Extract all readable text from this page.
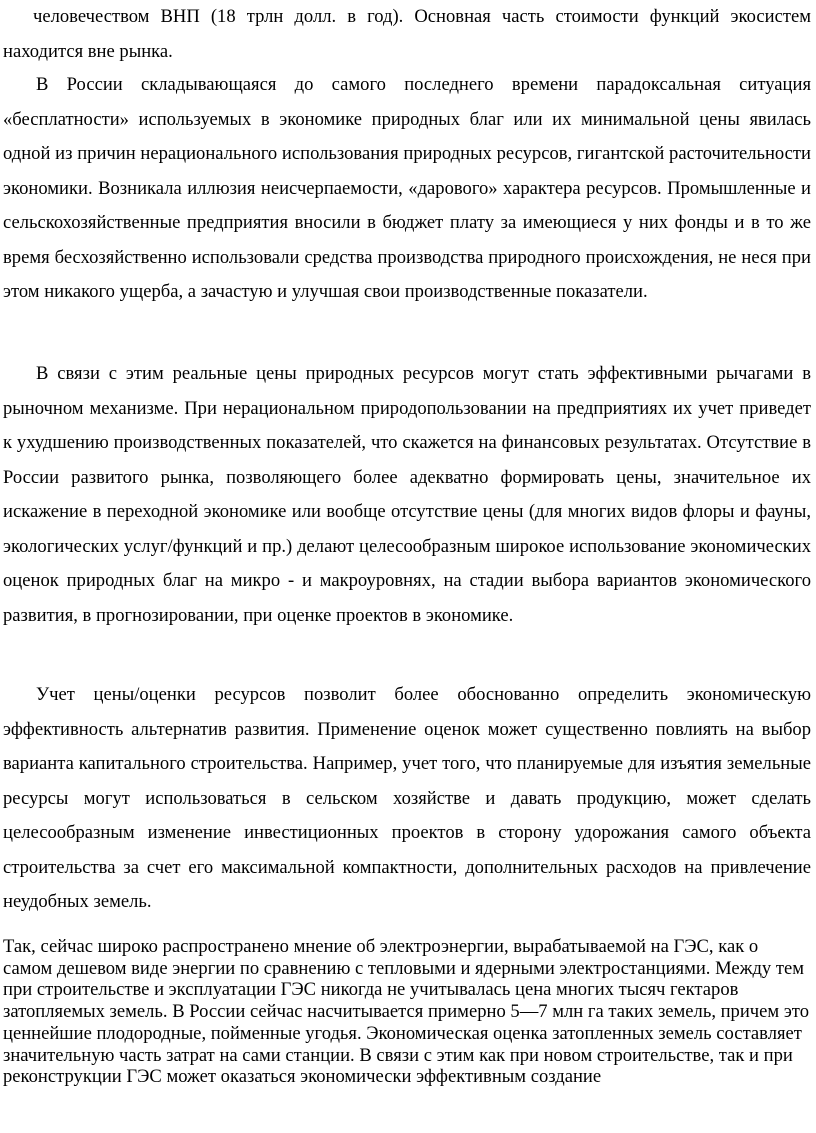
человечеством ВНП (18 трлн долл. в год). Основная часть стоимости функций экосистем находится вне рынка.

В России складывающаяся до самого последнего времени парадоксальная ситуация «бесплатности» используемых в экономике природных благ или их минимальной цены явилась одной из причин нерационального использования природных ресурсов, гигантской расточительности экономики. Возникала иллюзия неисчерпаемости, «дарового» характера ресурсов. Промышленные и сельскохозяйственные предприятия вносили в бюджет плату за имеющиеся у них фонды и в то же время бесхозяйственно использовали средства производства природного происхождения, не неся при этом никакого ущерба, а зачастую и улучшая свои производственные показатели.

В связи с этим реальные цены природных ресурсов могут стать эффективными рычагами в рыночном механизме. При нерациональном природопользовании на предприятиях их учет приведет к ухудшению производственных показателей, что скажется на финансовых результатах. Отсутствие в России развитого рынка, позволяющего более адекватно формировать цены, значительное их искажение в переходной экономике или вообще отсутствие цены (для многих видов флоры и фауны, экологических услуг/функций и пр.) делают целесообразным широкое использование экономических оценок природных благ на микро - и макроуровнях, на стадии выбора вариантов экономического развития, в прогнозировании, при оценке проектов в экономике.

Учет цены/оценки ресурсов позволит более обоснованно определить экономическую эффективность альтернатив развития. Применение оценок может существенно повлиять на выбор варианта капитального строительства. Например, учет того, что планируемые для изъятия земельные ресурсы могут использоваться в сельском хозяйстве и давать продукцию, может сделать целесообразным изменение инвестиционных проектов в сторону удорожания самого объекта строительства за счет его максимальной компактности, дополнительных расходов на привлечение неудобных земель.

Так, сейчас широко распространено мнение об электроэнергии, вырабатываемой на ГЭС, как о самом дешевом виде энергии по сравнению с тепловыми и ядерными электростанциями. Между тем при строительстве и эксплуатации ГЭС никогда не учитывалась цена многих тысяч гектаров затопляемых земель. В России сейчас насчитывается примерно 5—7 млн га таких земель, причем это ценнейшие плодородные, пойменные угодья. Экономическая оценка затопленных земель составляет значительную часть затрат на сами станции. В связи с этим как при новом строительстве, так и при реконструкции ГЭС может оказаться экономически эффективным создание
